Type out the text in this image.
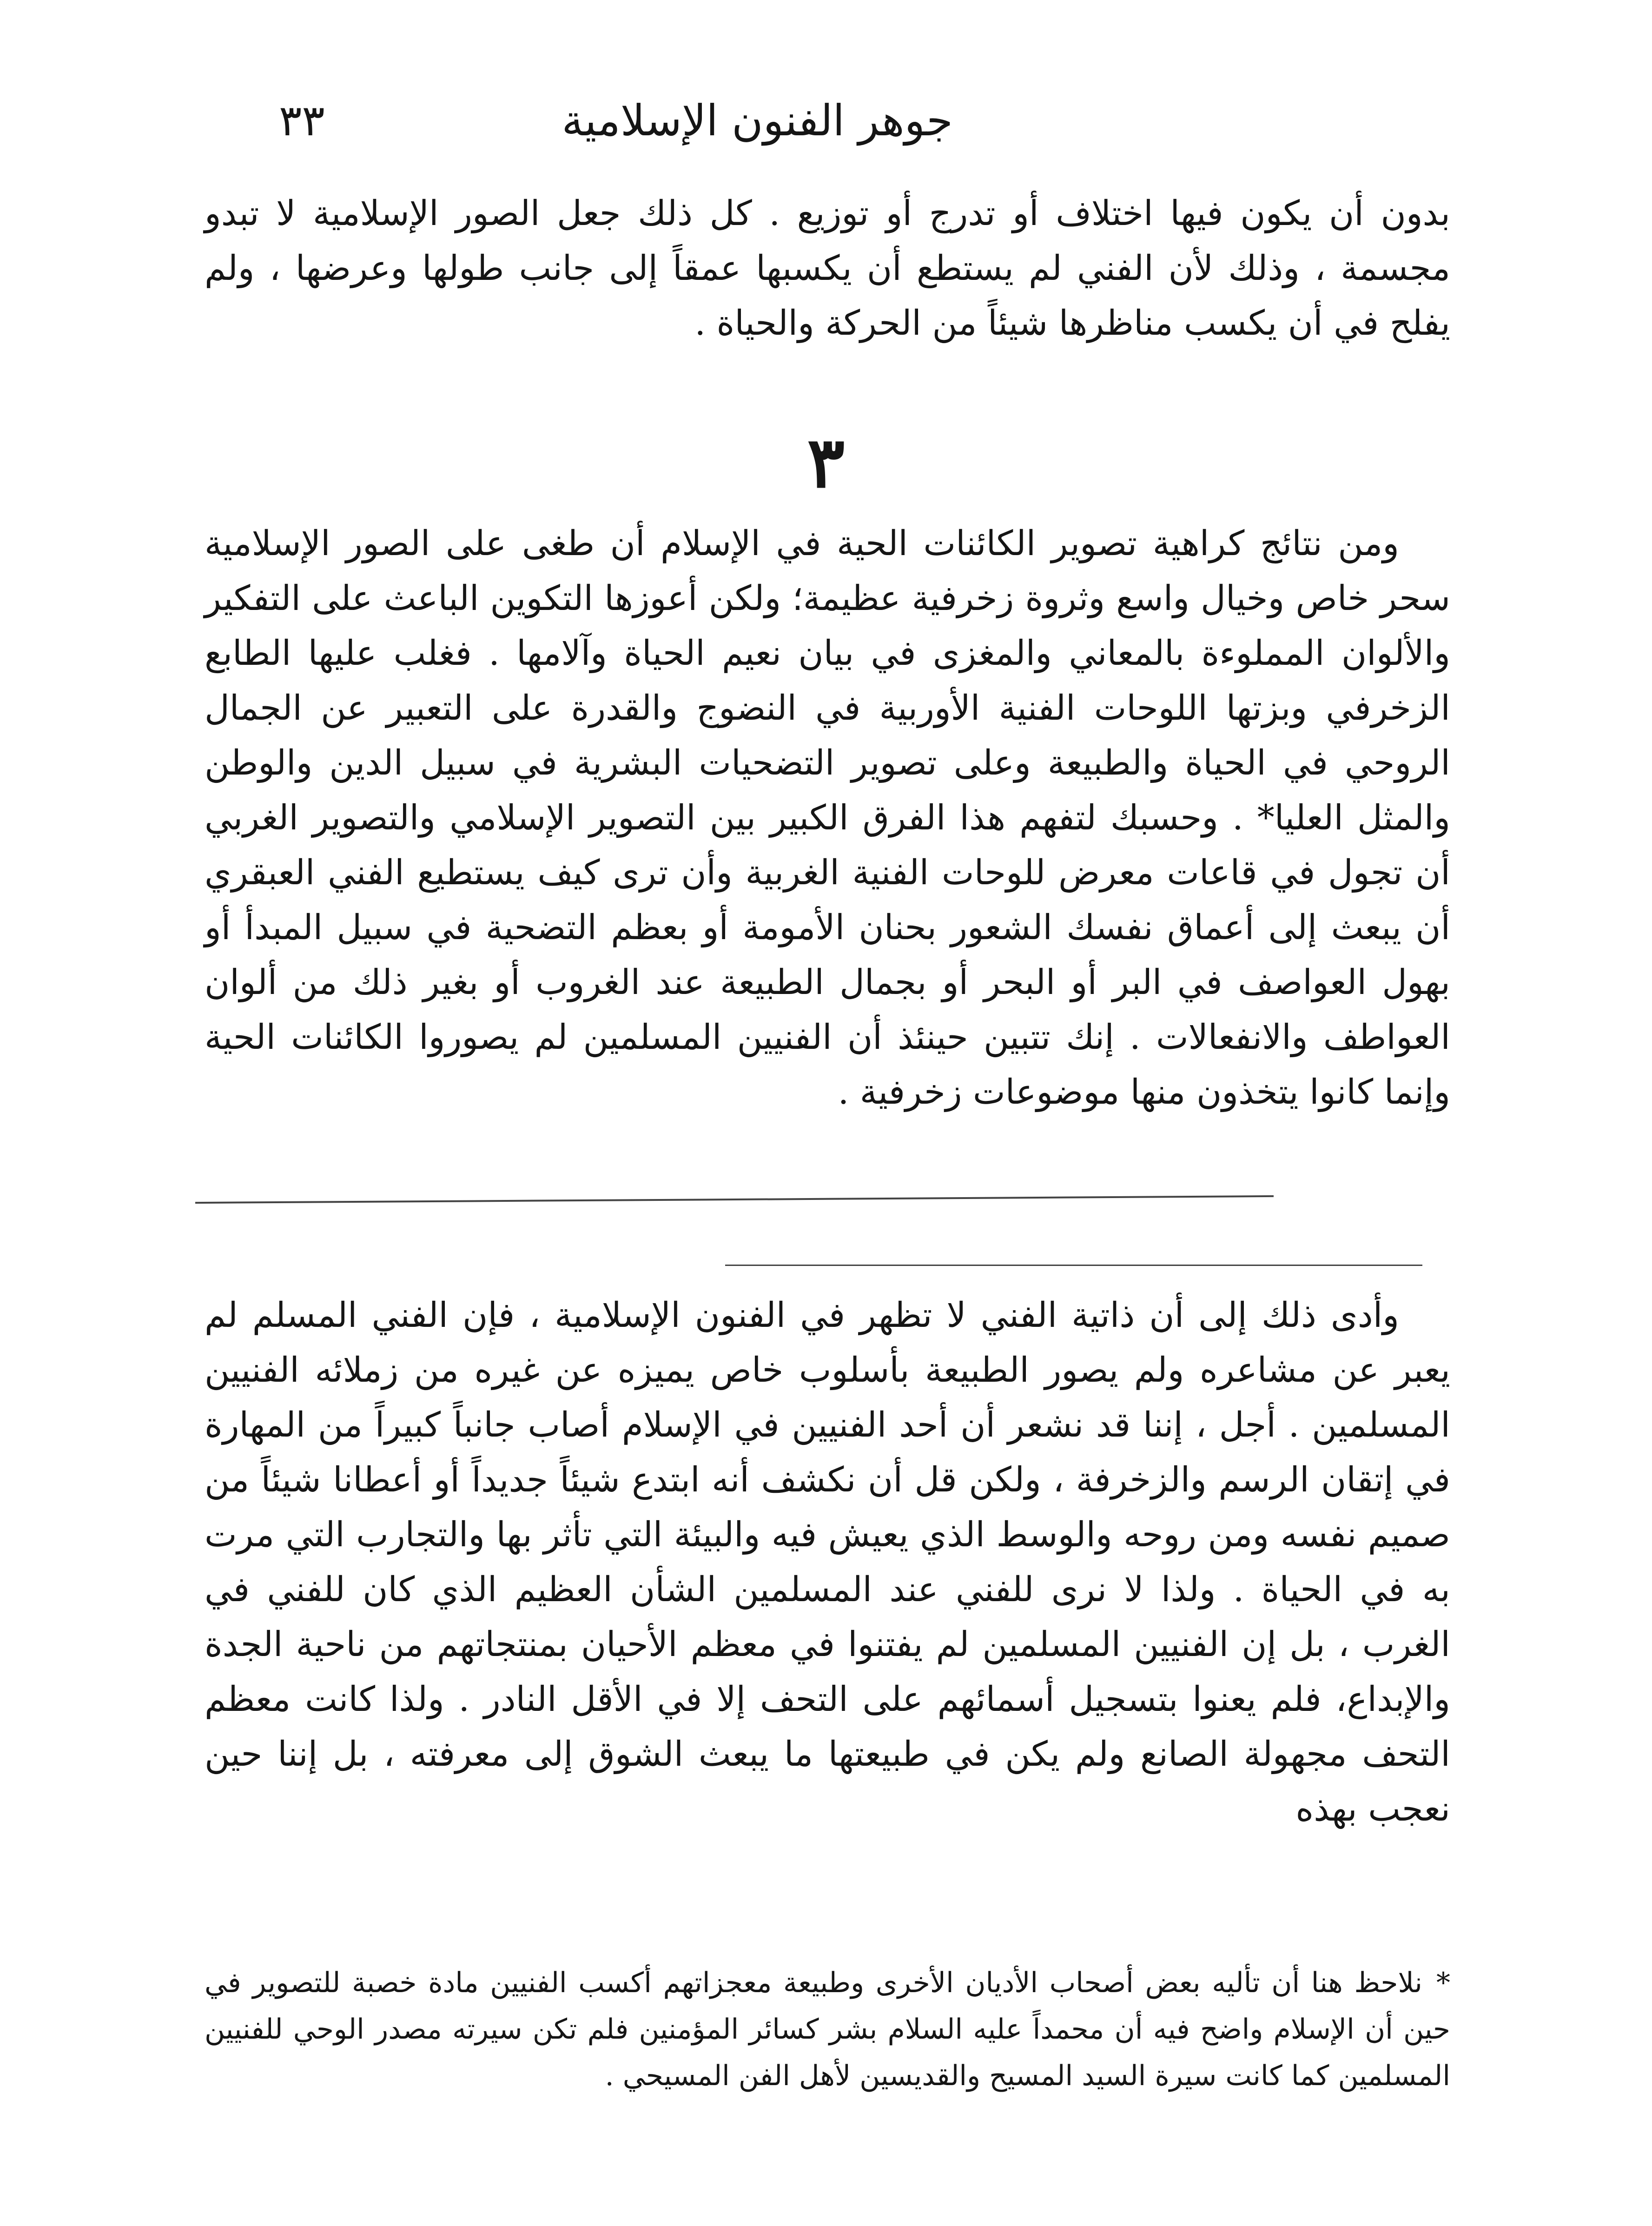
جوهر الفنون الإسلامية
٣٣

بدون أن يكون فيها اختلاف أو تدرج أو توزيع . كل ذلك جعل الصور الإسلامية لا تبدو مجسمة ، وذلك لأن الفني لم يستطع أن يكسبها عمقاً إلى جانب طولها وعرضها ، ولم يفلح في أن يكسب مناظرها شيئاً من الحركة والحياة .

٣

ومن نتائج كراهية تصوير الكائنات الحية في الإسلام أن طغى على الصور الإسلامية سحر خاص وخيال واسع وثروة زخرفية عظيمة؛ ولكن أعوزها التكوين الباعث على التفكير والألوان المملوءة بالمعاني والمغزى في بيان نعيم الحياة وآلامها . فغلب عليها الطابع الزخرفي وبزتها اللوحات الفنية الأوربية في النضوج والقدرة على التعبير عن الجمال الروحي في الحياة والطبيعة وعلى تصوير التضحيات البشرية في سبيل الدين والوطن والمثل العليا* . وحسبك لتفهم هذا الفرق الكبير بين التصوير الإسلامي والتصوير الغربي أن تجول في قاعات معرض للوحات الفنية الغربية وأن ترى كيف يستطيع الفني العبقري أن يبعث إلى أعماق نفسك الشعور بحنان الأمومة أو بعظم التضحية في سبيل المبدأ أو بهول العواصف في البر أو البحر أو بجمال الطبيعة عند الغروب أو بغير ذلك من ألوان العواطف والانفعالات . إنك تتبين حينئذ أن الفنيين المسلمين لم يصوروا الكائنات الحية وإنما كانوا يتخذون منها موضوعات زخرفية .

وأدى ذلك إلى أن ذاتية الفني لا تظهر في الفنون الإسلامية ، فإن الفني المسلم لم يعبر عن مشاعره ولم يصور الطبيعة بأسلوب خاص يميزه عن غيره من زملائه الفنيين المسلمين . أجل ، إننا قد نشعر أن أحد الفنيين في الإسلام أصاب جانباً كبيراً من المهارة في إتقان الرسم والزخرفة ، ولكن قل أن نكشف أنه ابتدع شيئاً جديداً أو أعطانا شيئاً من صميم نفسه ومن روحه والوسط الذي يعيش فيه والبيئة التي تأثر بها والتجارب التي مرت به في الحياة . ولذا لا نرى للفني عند المسلمين الشأن العظيم الذي كان للفني في الغرب ، بل إن الفنيين المسلمين لم يفتنوا في معظم الأحيان بمنتجاتهم من ناحية الجدة والإبداع، فلم يعنوا بتسجيل أسمائهم على التحف إلا في الأقل النادر . ولذا كانت معظم التحف مجهولة الصانع ولم يكن في طبيعتها ما يبعث الشوق إلى معرفته ، بل إننا حين نعجب بهذه

*نلاحظ هنا أن تأليه بعض أصحاب الأديان الأخرى وطبيعة معجزاتهم أكسب الفنيين مادة خصبة للتصوير في حين أن الإسلام واضح فيه أن محمداً عليه السلام بشر كسائر المؤمنين فلم تكن سيرته مصدر الوحي للفنيين المسلمين كما كانت سيرة السيد المسيح والقديسين لأهل الفن المسيحي .
